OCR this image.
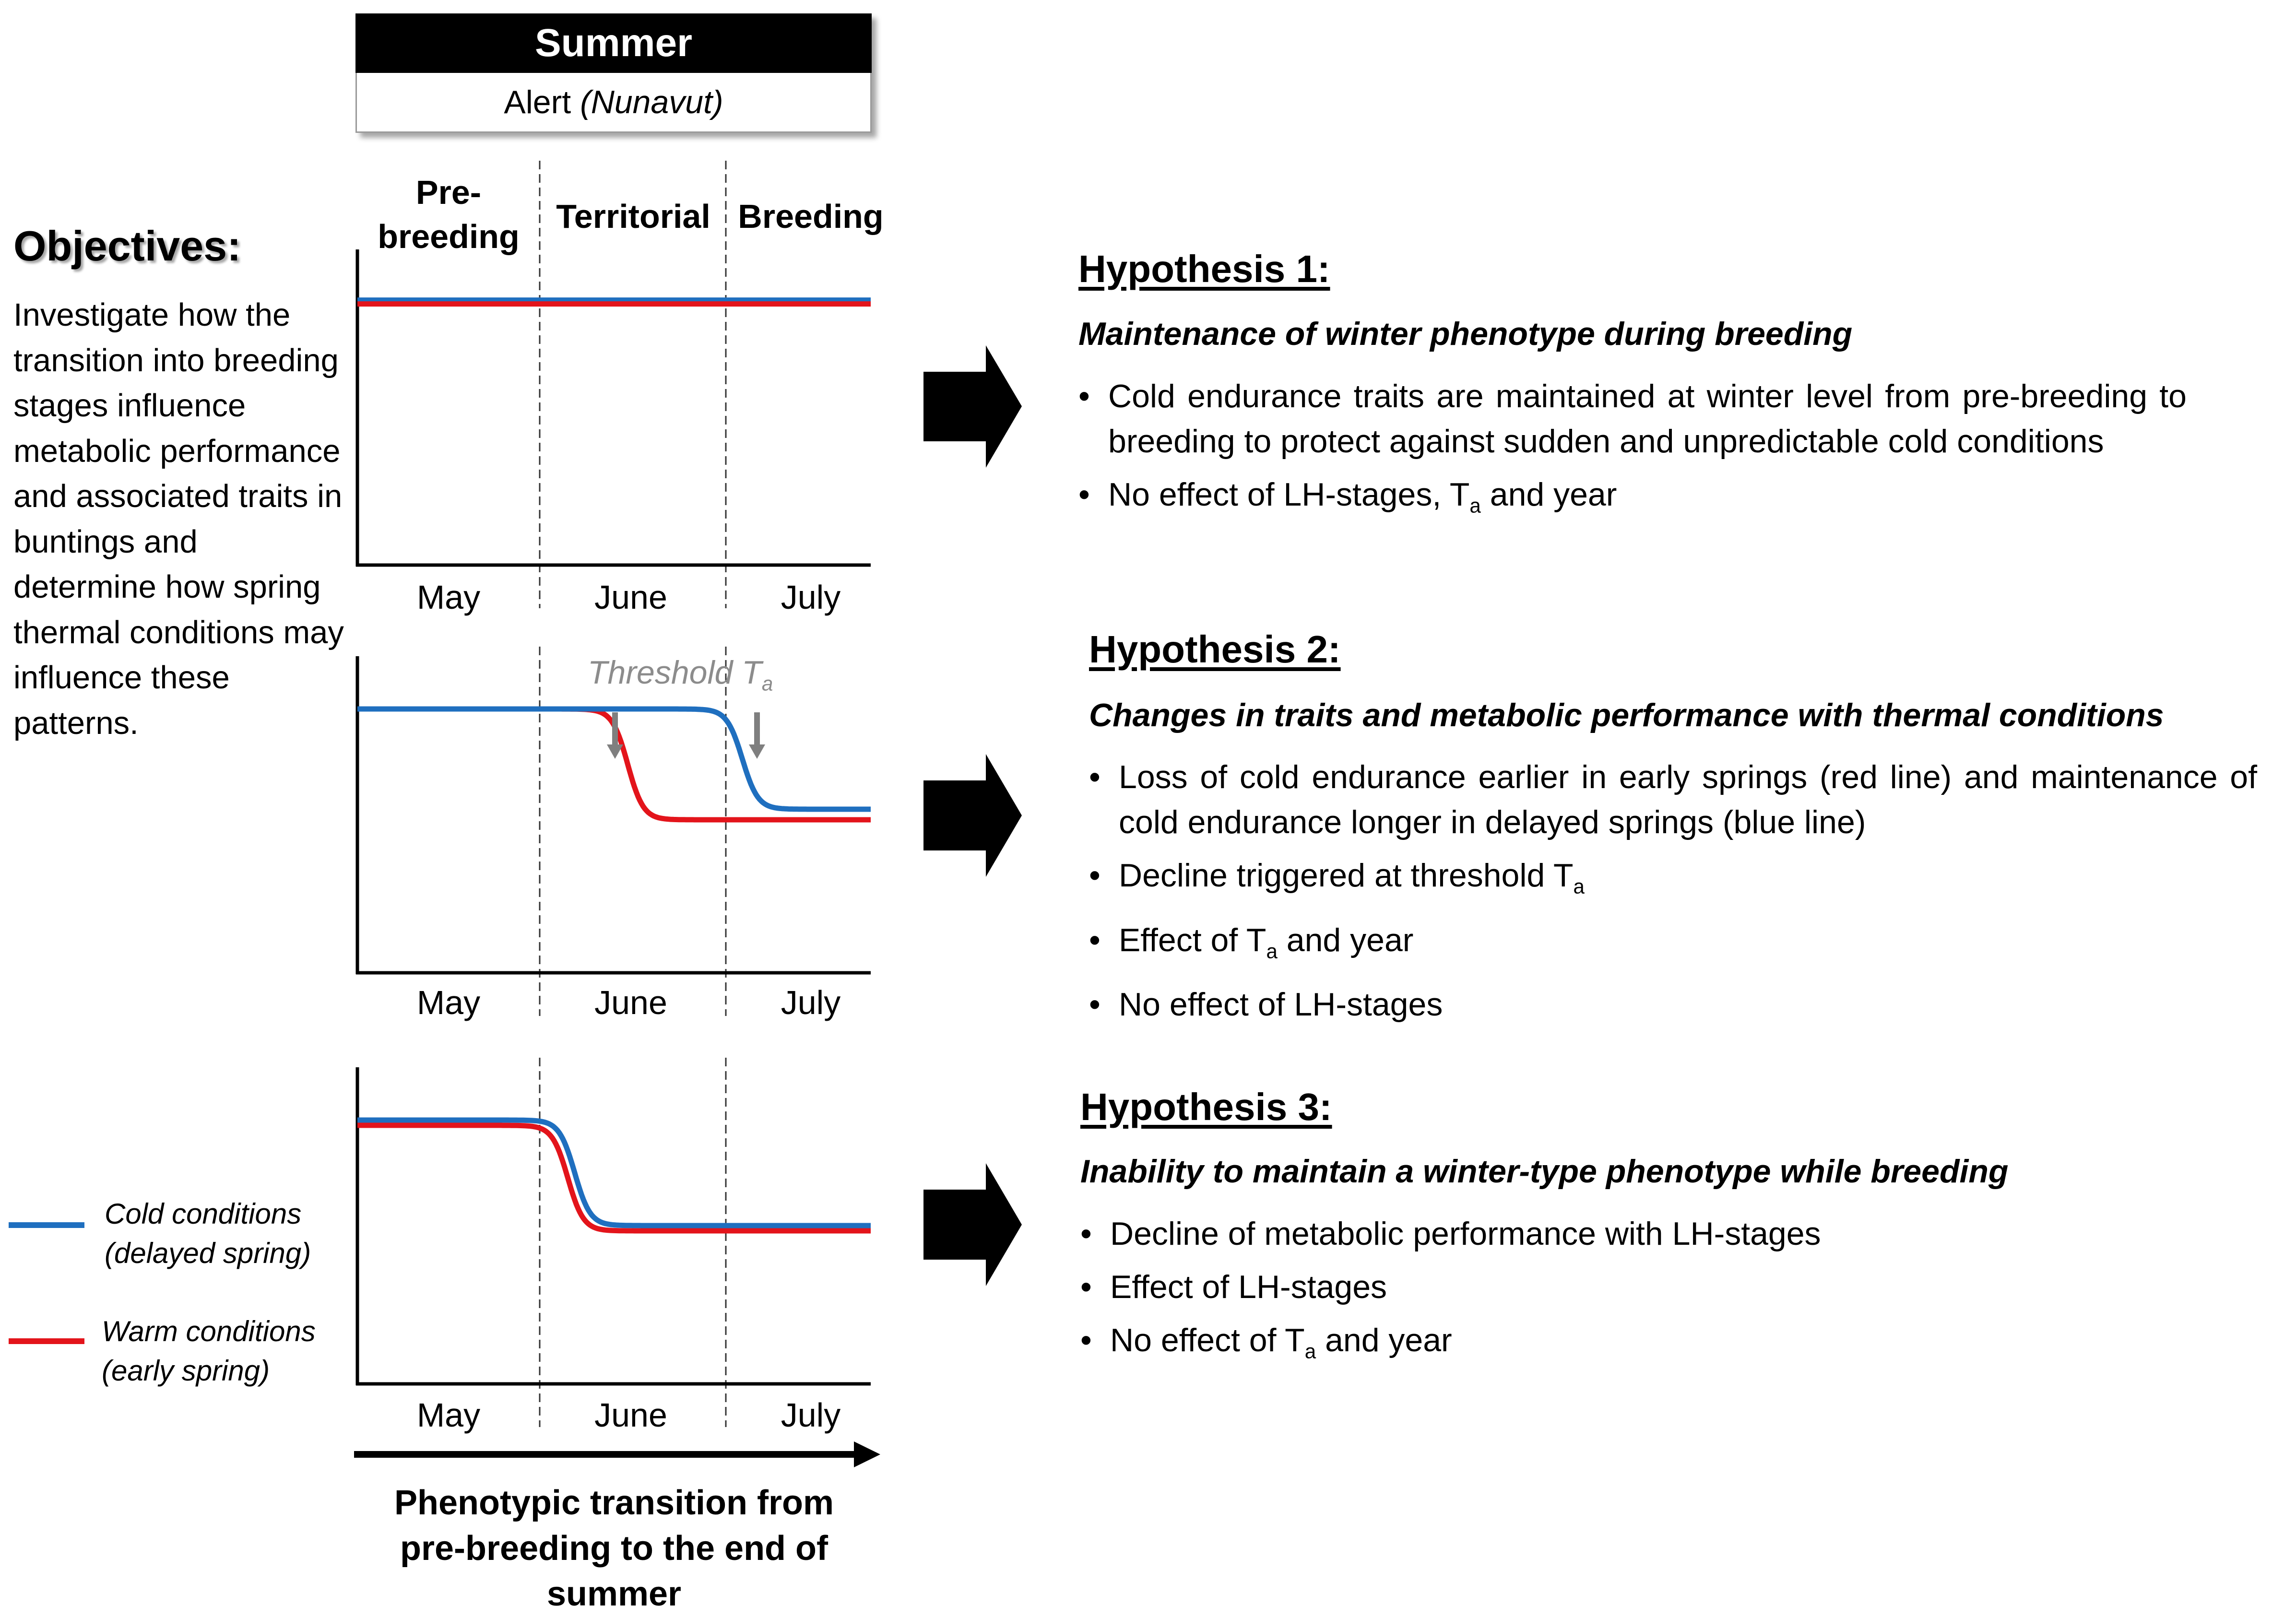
Summer
Alert (Nunavut)
Pre-breeding
Territorial Breeding
Objectives:
Investigate how the transition into breeding stages influence metabolic performance and associated traits in buntings and determine how spring thermal conditions may influence these patterns.
Threshold $T_a$
May	June	July
May	June	July
May	June	July
Cold conditions
(delayed spring)
Warm conditions
(early spring)
Phenotypic transition from
pre-breeding to the end of
summer
Hypothesis 1:
Maintenance of winter phenotype during breeding
• Cold endurance traits are maintained at winter level from pre-breeding to breeding to protect against sudden and unpredictable cold conditions
• No effect of LH-stages, $T_a$ and year
Hypothesis 2:
Changes in traits and metabolic performance with thermal conditions
• Loss of cold endurance earlier in early springs (red line) and maintenance of cold endurance longer in delayed springs (blue line)
• Decline triggered at threshold $T_a$
• Effect of $T_a$ and year
• No effect of LH-stages
Hypothesis 3:
Inability to maintain a winter-type phenotype while breeding
• Decline of metabolic performance with LH-stages
• Effect of LH-stages
• No effect of $T_a$ and year
